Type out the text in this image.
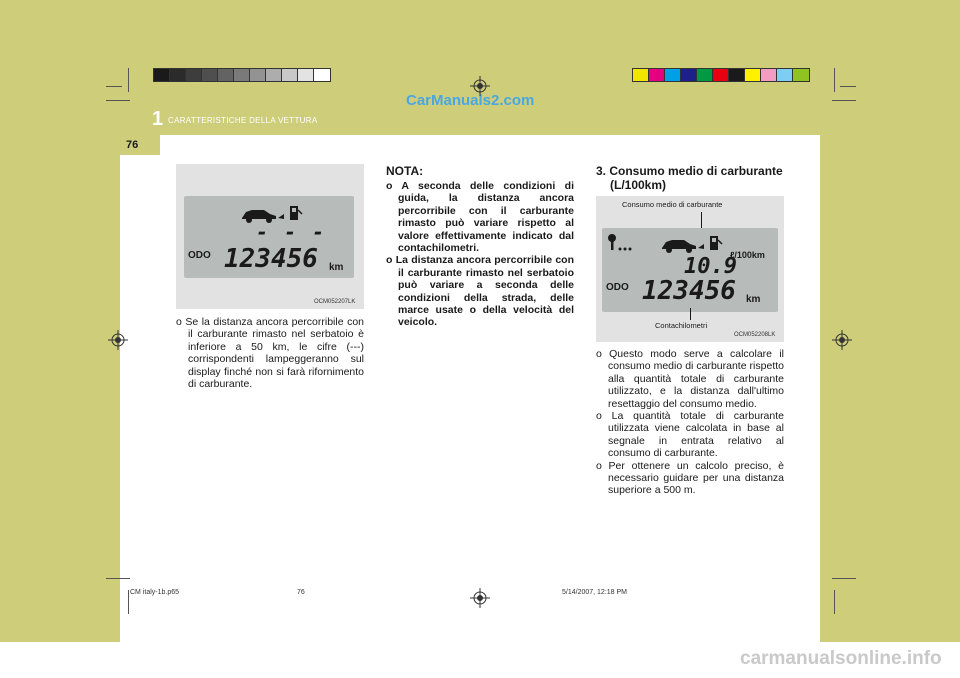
76
1 CARATTERISTICHE DELLA VETTURA
CarManuals2.com
carmanualsonline.info
- - -
ODO 123456 km
OCM052207LK
o Se la distanza ancora percorribile con il carburante rimasto nel serbatoio è inferiore a 50 km, le cifre (---) corrispondenti lampeggeranno sul display finché non si farà rifornimento di carburante.
NOTA:
o A seconda delle condizioni di guida, la distanza ancora percorribile con il carburante rimasto può variare rispetto al valore effettivamente indicato dal contachilometri.
o La distanza ancora percorribile con il carburante rimasto nel serbatoio può variare a seconda delle condizioni della strada, delle marce usate o della velocità del veicolo.
3. Consumo medio di carburante
(L/100km)
Consumo medio di carburante
ℓ/100km
10.9
ODO 123456 km
Contachilometri
OCM052208LK
o Questo modo serve a calcolare il consumo medio di carburante rispetto alla quantità totale di carburante utilizzato, e la distanza dall'ultimo resettaggio del consumo medio.
o La quantità totale di carburante utilizzata viene calcolata in base al segnale in entrata relativo al consumo di carburante.
o Per ottenere un calcolo preciso, è necessario guidare per una distanza superiore a 500 m.
CM italy-1b.p65	76	5/14/2007, 12:18 PM
